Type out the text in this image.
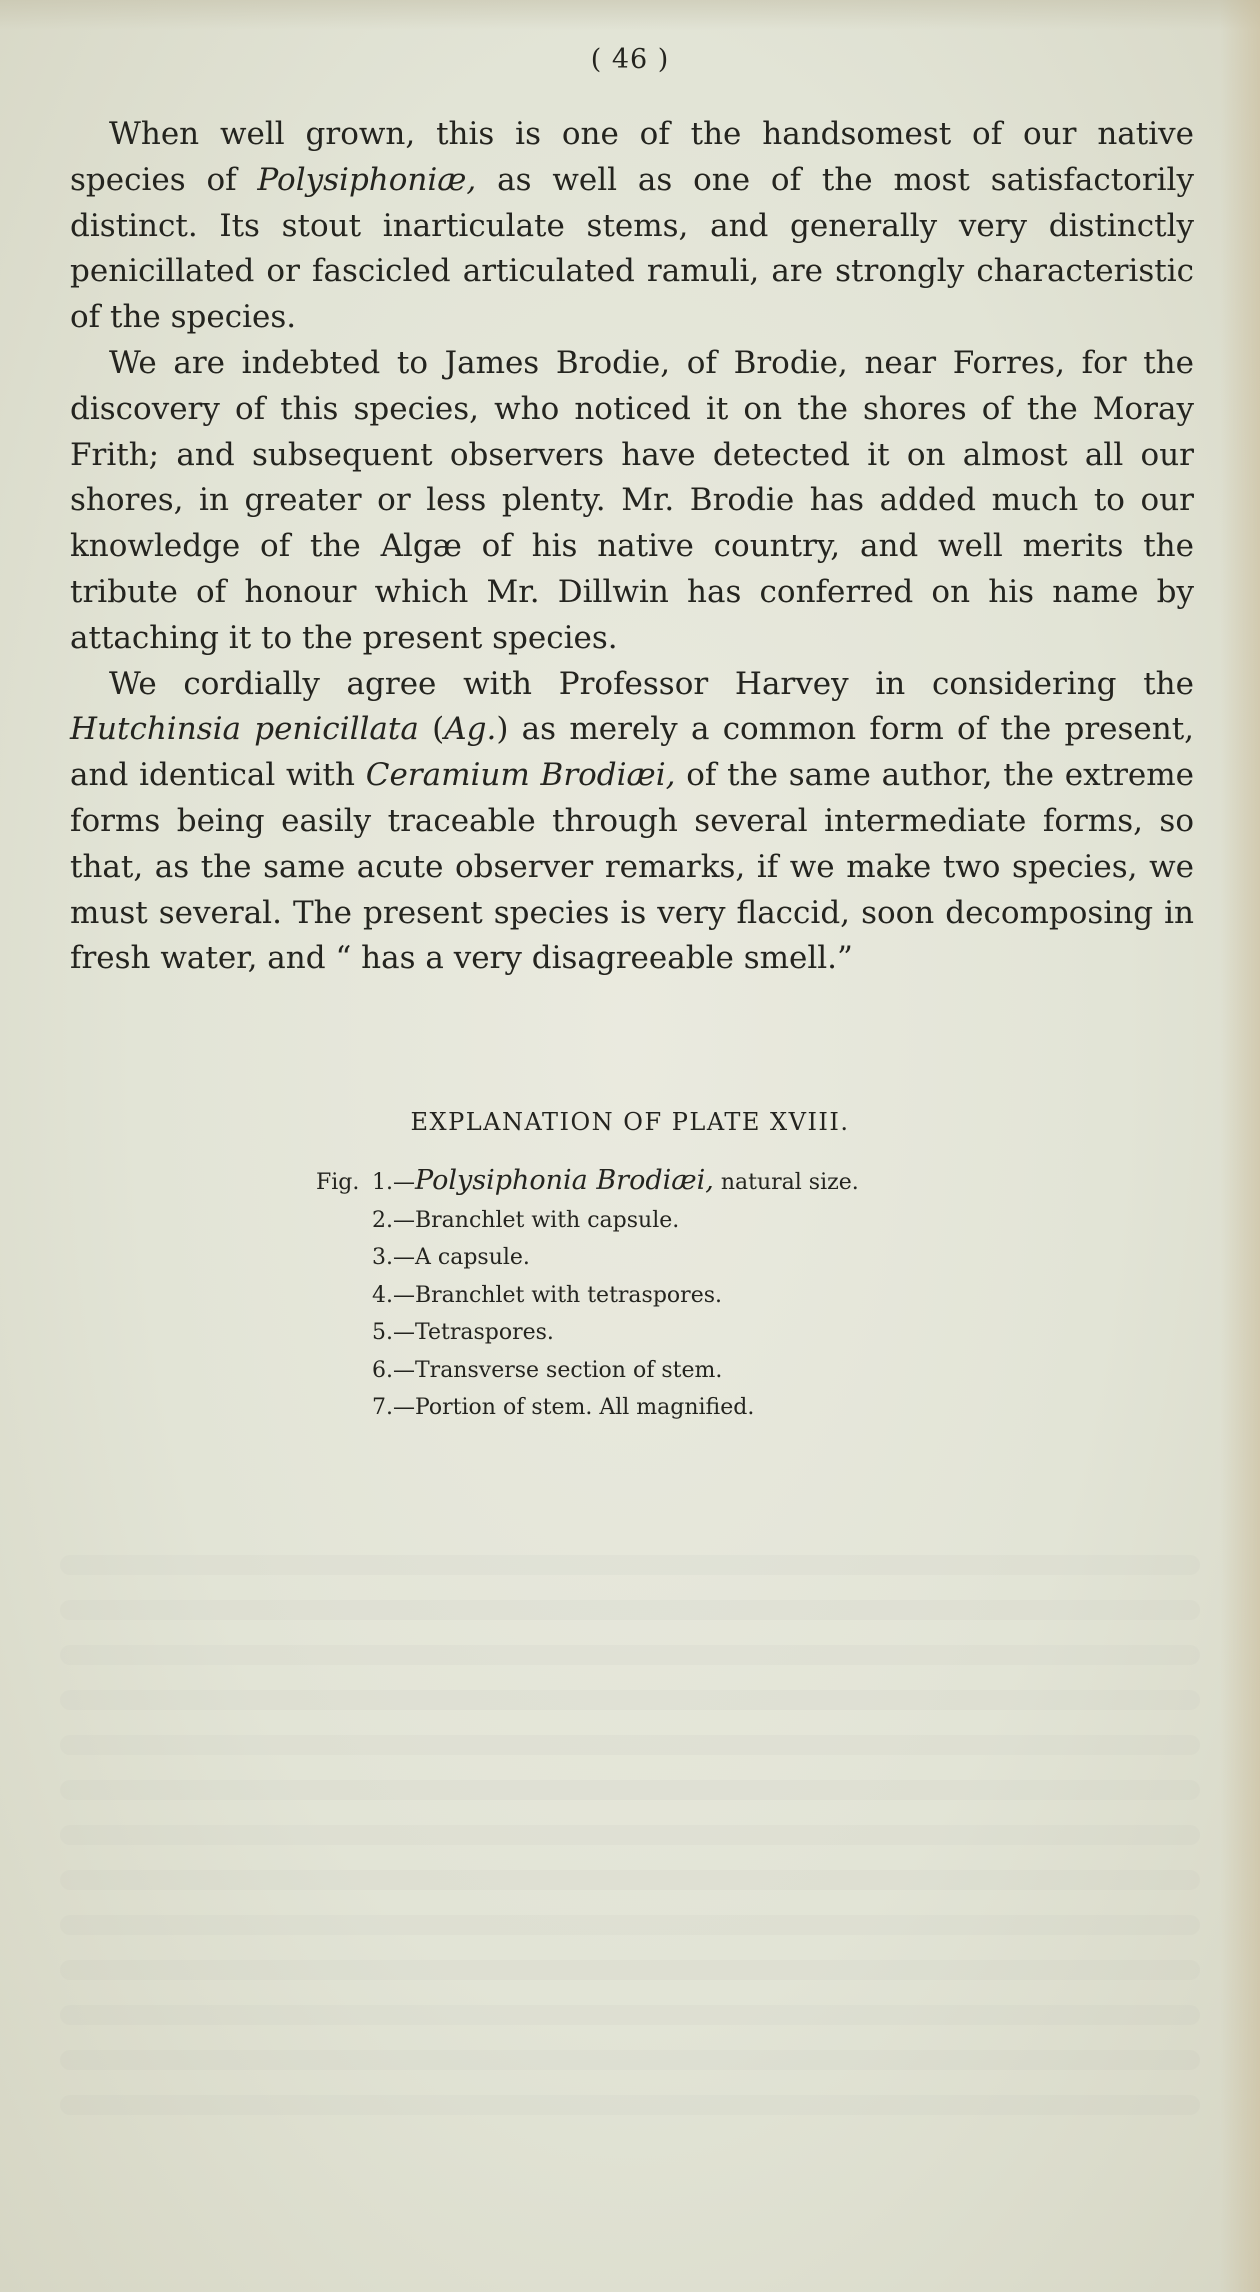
( 46 )

When well grown, this is one of the handsomest of our native species of Polysiphoniæ, as well as one of the most satisfactorily distinct. Its stout inarticulate stems, and generally very distinctly penicillated or fascicled articulated ramuli, are strongly characteristic of the species.

We are indebted to James Brodie, of Brodie, near Forres, for the discovery of this species, who noticed it on the shores of the Moray Frith; and subsequent observers have detected it on almost all our shores, in greater or less plenty. Mr. Brodie has added much to our knowledge of the Algæ of his native country, and well merits the tribute of honour which Mr. Dillwin has conferred on his name by attaching it to the present species.

We cordially agree with Professor Harvey in considering the Hutchinsia penicillata (Ag.) as merely a common form of the present, and identical with Ceramium Brodiæi, of the same author, the extreme forms being easily traceable through several intermediate forms, so that, as the same acute observer remarks, if we make two species, we must several. The present species is very flaccid, soon decomposing in fresh water, and “ has a very disagreeable smell.”

EXPLANATION OF PLATE XVIII.
Fig. 1.—Polysiphonia Brodiæi, natural size.
2.—Branchlet with capsule.
3.—A capsule.
4.—Branchlet with tetraspores.
5.—Tetraspores.
6.—Transverse section of stem.
7.—Portion of stem. All magnified.
